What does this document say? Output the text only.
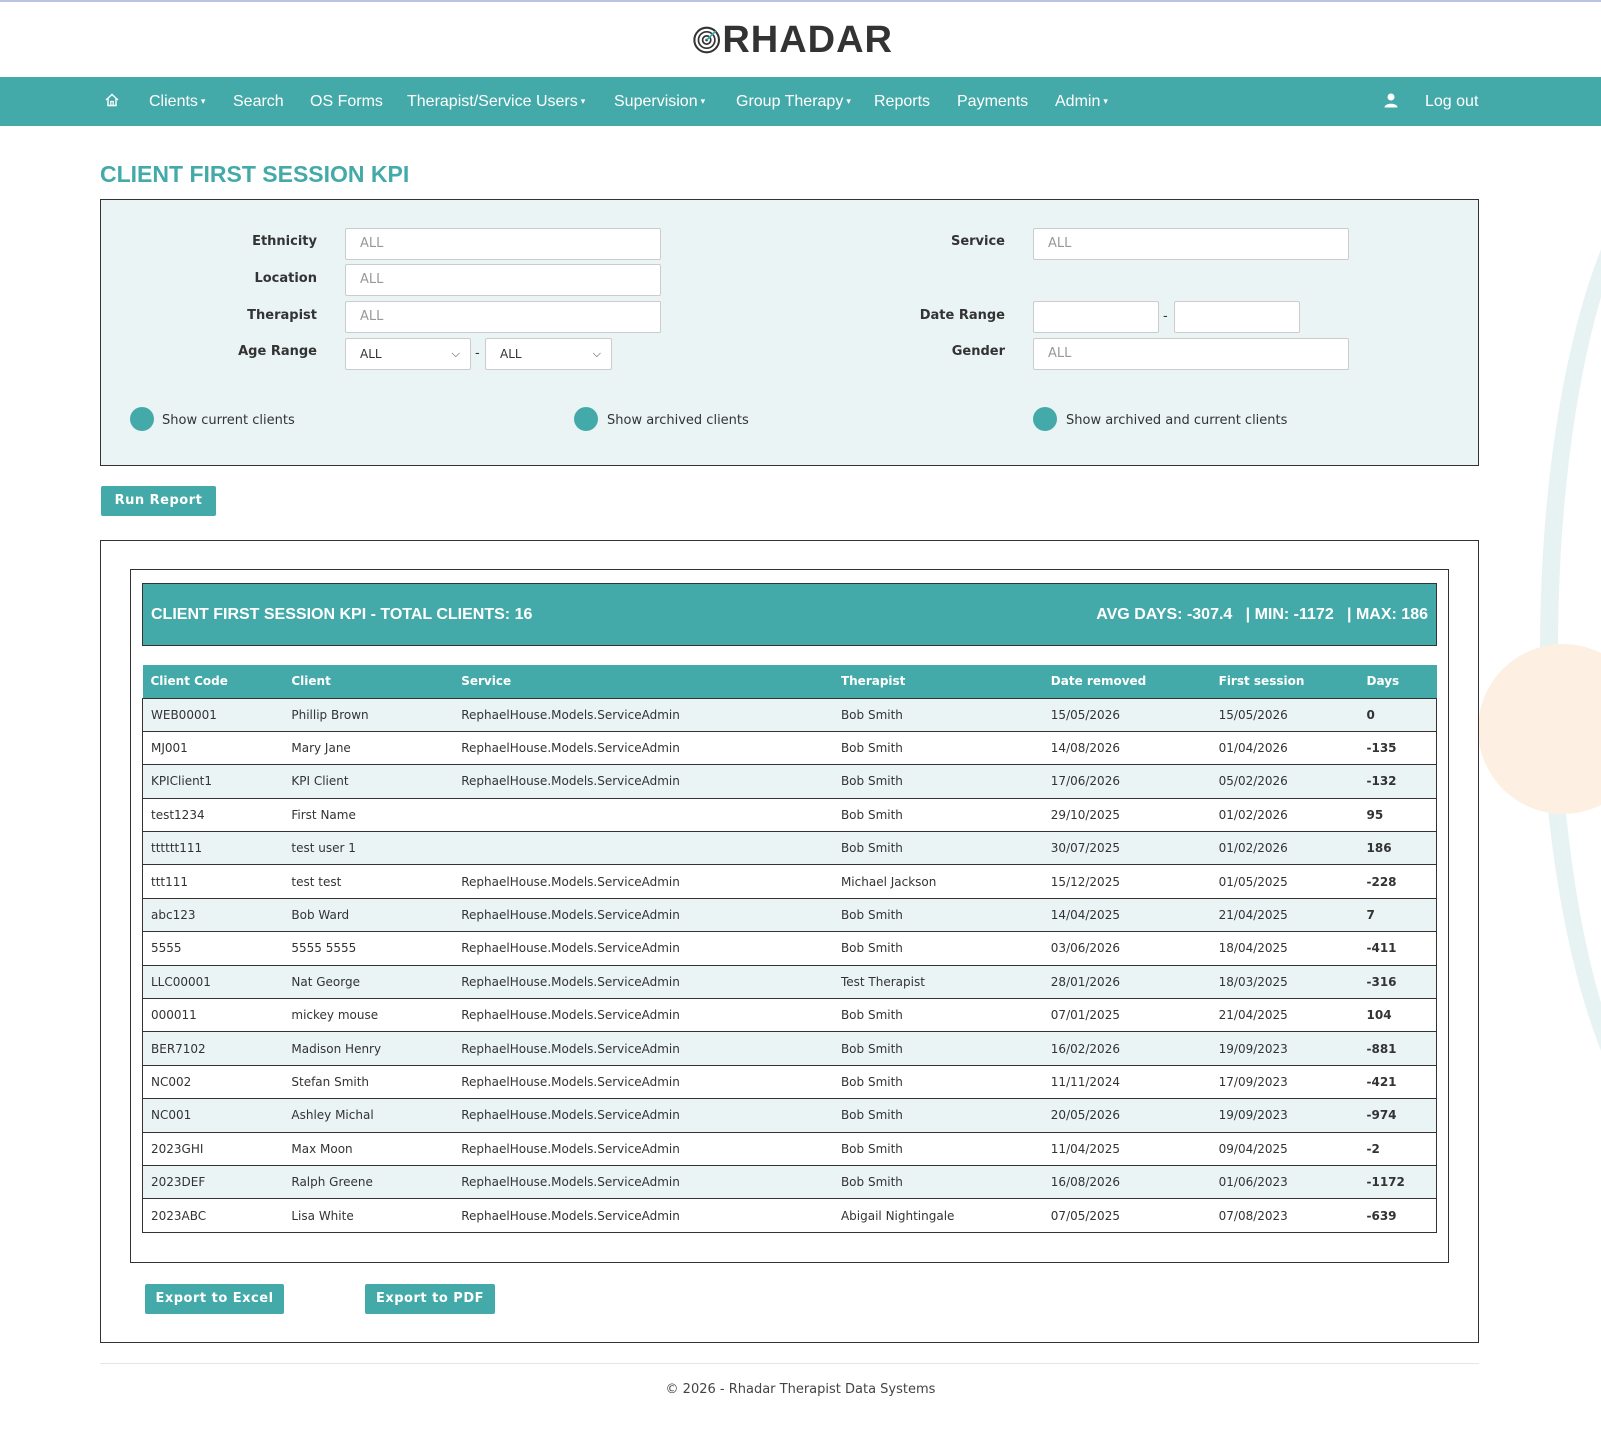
RHADAR
Clients ▾ Search OS Forms Therapist/Service Users ▾ Supervision ▾ Group Therapy ▾ Reports Payments Admin ▾	Log out
CLIENT FIRST SESSION KPI
Ethnicity	ALL
Location	ALL
Therapist	ALL
Age Range	ALL	⌵ -	ALL	⌵
Service	ALL
Date Range	-
Gender	ALL
Show current clients	Show archived clients	Show archived and current clients
Run Report
CLIENT FIRST SESSION KPI - TOTAL CLIENTS: 16	AVG DAYS: -307.4   | MIN: -1172   | MAX: 186
Client Code	Client	Service	Therapist	Date removed	First session	Days
WEB00001	Phillip Brown	RephaelHouse.Models.ServiceAdmin	Bob Smith	15/05/2026	15/05/2026	0
MJ001	Mary Jane	RephaelHouse.Models.ServiceAdmin	Bob Smith	14/08/2026	01/04/2026	-135
KPIClient1	KPI Client	RephaelHouse.Models.ServiceAdmin	Bob Smith	17/06/2026	05/02/2026	-132
test1234	First Name		Bob Smith	29/10/2025	01/02/2026	95
tttttt111	test user 1		Bob Smith	30/07/2025	01/02/2026	186
ttt111	test test	RephaelHouse.Models.ServiceAdmin	Michael Jackson	15/12/2025	01/05/2025	-228
abc123	Bob Ward	RephaelHouse.Models.ServiceAdmin	Bob Smith	14/04/2025	21/04/2025	7
5555	5555 5555	RephaelHouse.Models.ServiceAdmin	Bob Smith	03/06/2026	18/04/2025	-411
LLC00001	Nat George	RephaelHouse.Models.ServiceAdmin	Test Therapist	28/01/2026	18/03/2025	-316
000011	mickey mouse	RephaelHouse.Models.ServiceAdmin	Bob Smith	07/01/2025	21/04/2025	104
BER7102	Madison Henry	RephaelHouse.Models.ServiceAdmin	Bob Smith	16/02/2026	19/09/2023	-881
NC002	Stefan Smith	RephaelHouse.Models.ServiceAdmin	Bob Smith	11/11/2024	17/09/2023	-421
NC001	Ashley Michal	RephaelHouse.Models.ServiceAdmin	Bob Smith	20/05/2026	19/09/2023	-974
2023GHI	Max Moon	RephaelHouse.Models.ServiceAdmin	Bob Smith	11/04/2025	09/04/2025	-2
2023DEF	Ralph Greene	RephaelHouse.Models.ServiceAdmin	Bob Smith	16/08/2026	01/06/2023	-1172
2023ABC	Lisa White	RephaelHouse.Models.ServiceAdmin	Abigail Nightingale	07/05/2025	07/08/2023	-639
Export to Excel	Export to PDF
© 2026 - Rhadar Therapist Data Systems
